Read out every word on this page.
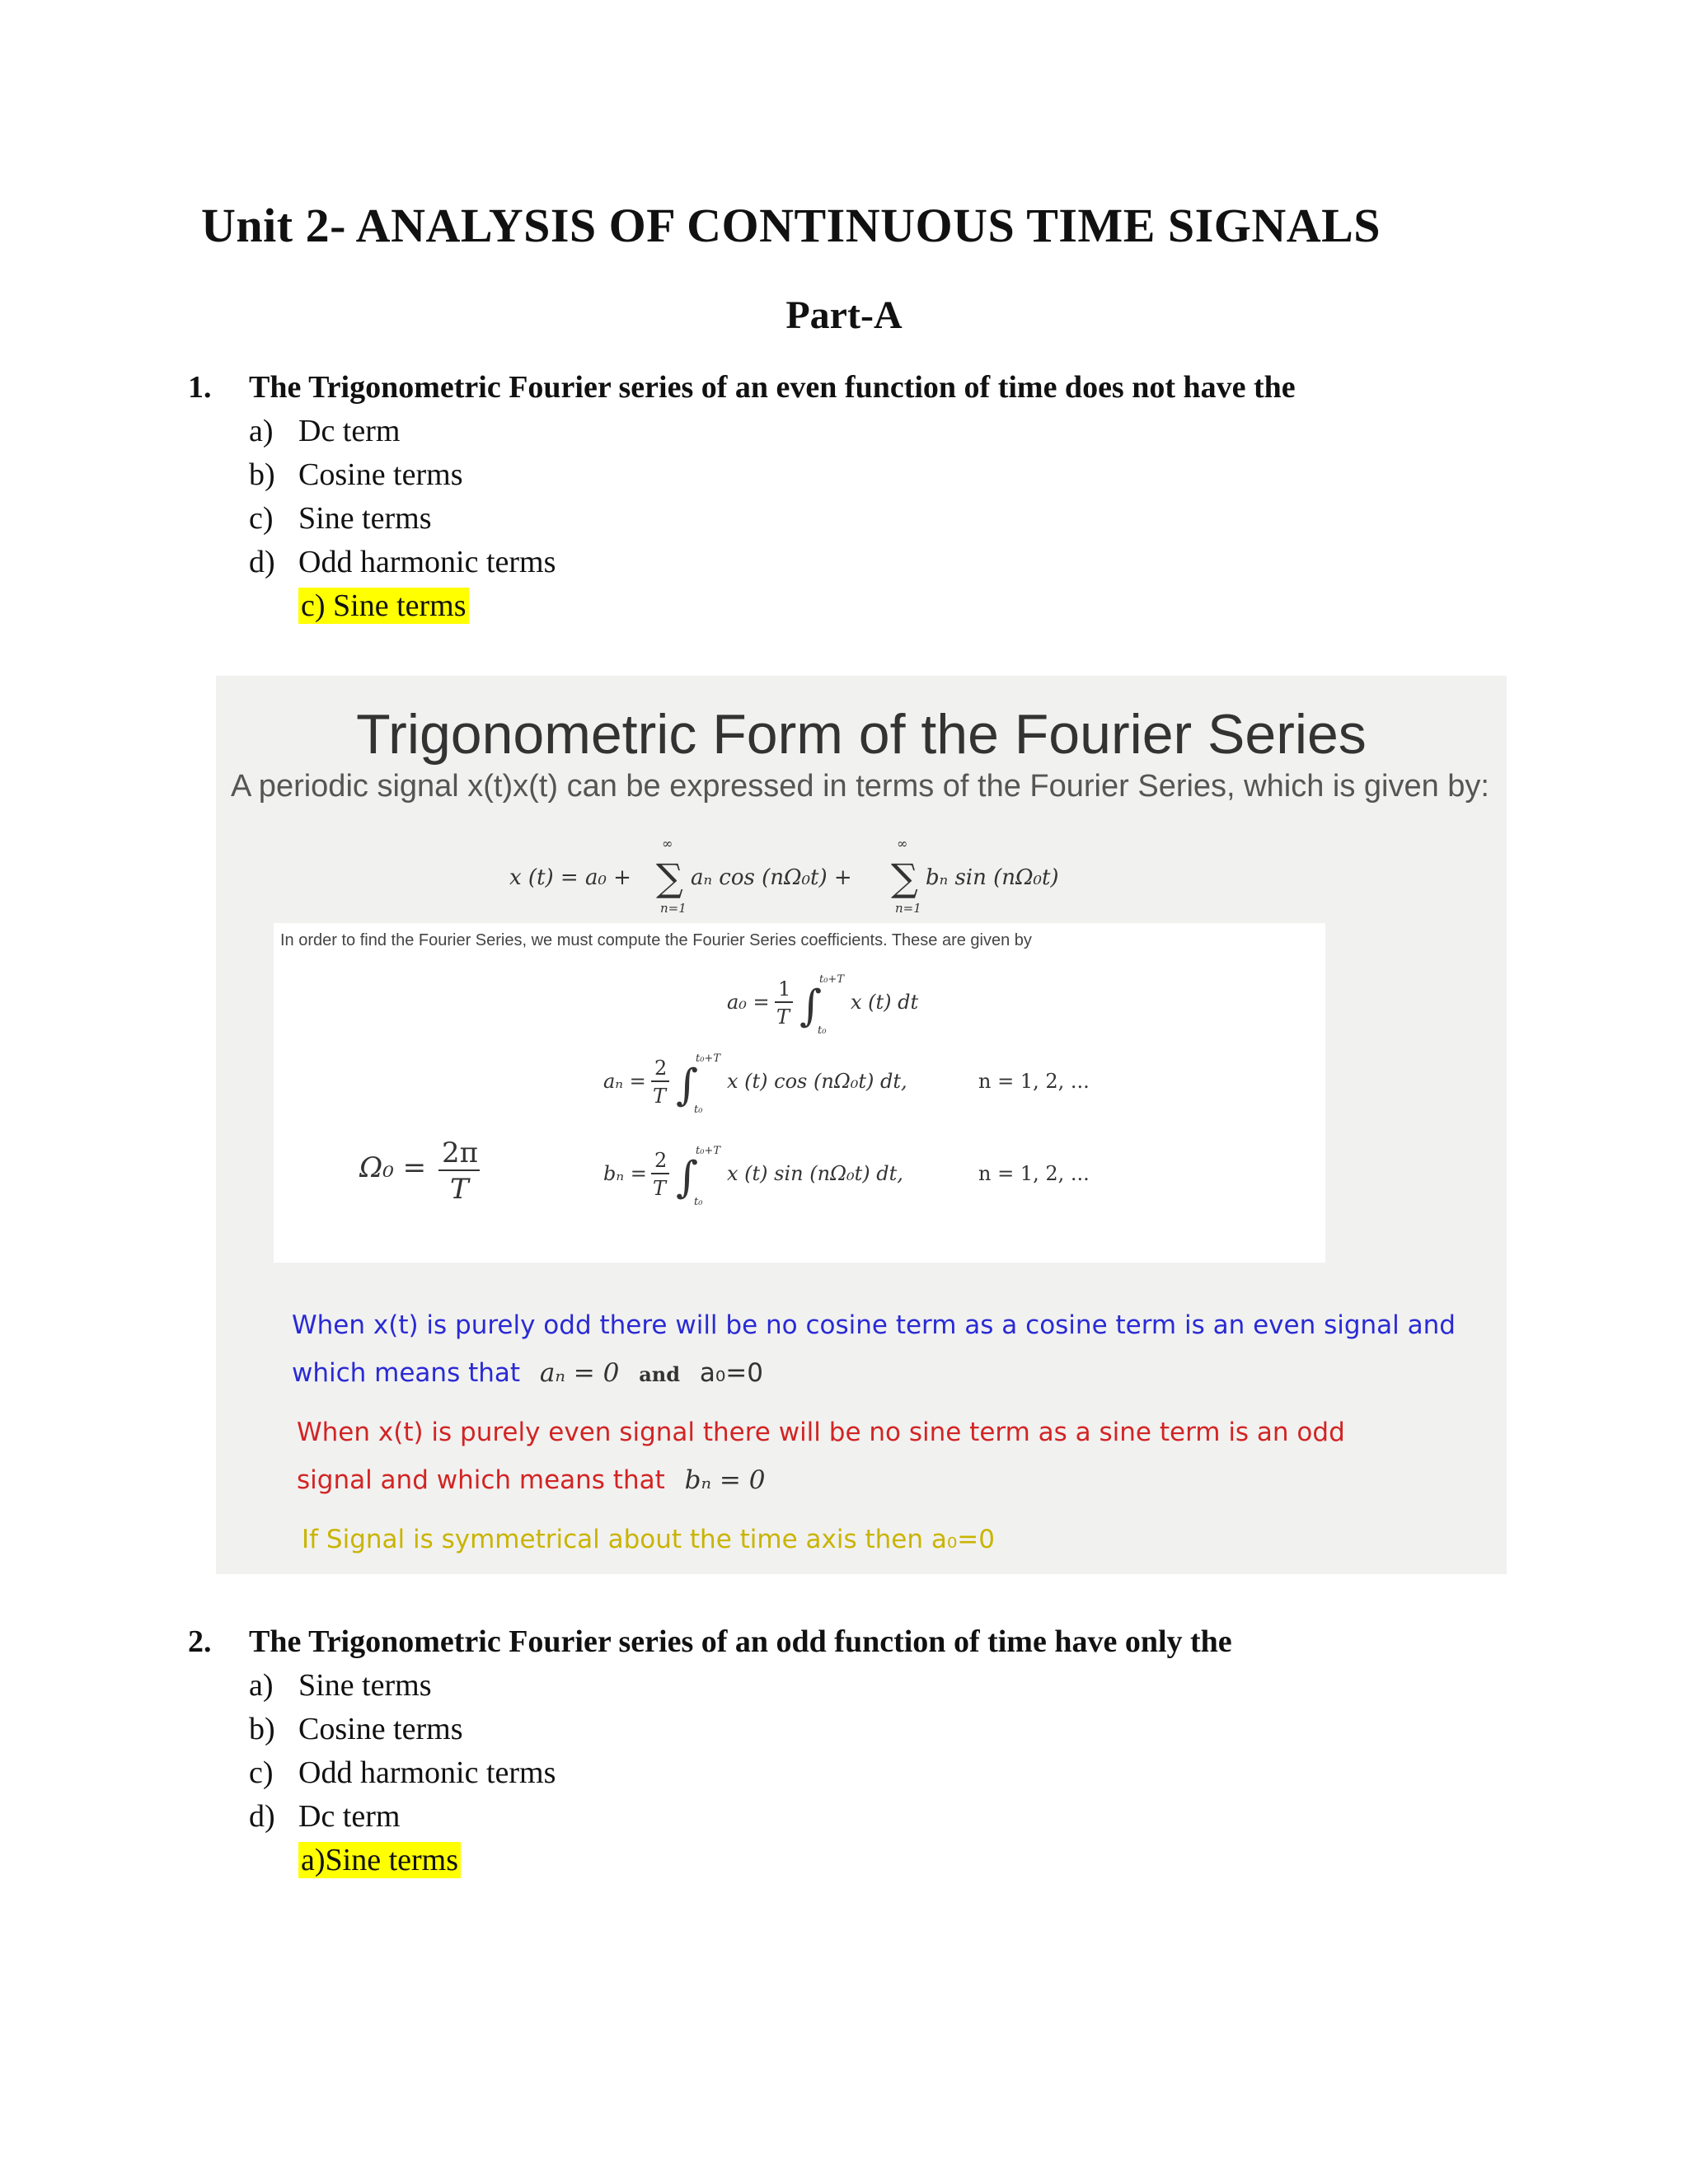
Unit 2- ANALYSIS OF CONTINUOUS TIME SIGNALS
Part-A
1. The Trigonometric Fourier series of an even function of time does not have the
a) Dc term
b) Cosine terms
c) Sine terms
d) Odd harmonic terms
c) Sine terms
Trigonometric Form of the Fourier Series
A periodic signal x(t)x(t) can be expressed in terms of the Fourier Series, which is given by:
x (t) = a₀ +
∞
∑
n=1
aₙ cos (nΩ₀t) +
∞
∑
n=1
bₙ sin (nΩ₀t)
In order to find the Fourier Series, we must compute the Fourier Series coefficients. These are given by
a₀ =
1
T ∫
t₀+T
t₀
x (t) dt
aₙ =
2
T ∫
t₀+T
t₀
x (t) cos (nΩ₀t) dt,	n = 1, 2, ...
Ω₀ = 2π
T	bₙ =
2
T ∫
t₀+T
t₀
x (t) sin (nΩ₀t) dt,	n = 1, 2, ...
When x(t) is purely odd there will be no cosine term as a cosine term is an even signal and
which means that aₙ = 0 and a₀=0
When x(t) is purely even signal there will be no sine term as a sine term is an odd
signal and which means that bₙ = 0
If Signal is symmetrical about the time axis then a₀=0
2. The Trigonometric Fourier series of an odd function of time have only the
a) Sine terms
b) Cosine terms
c) Odd harmonic terms
d) Dc term
a)Sine terms
